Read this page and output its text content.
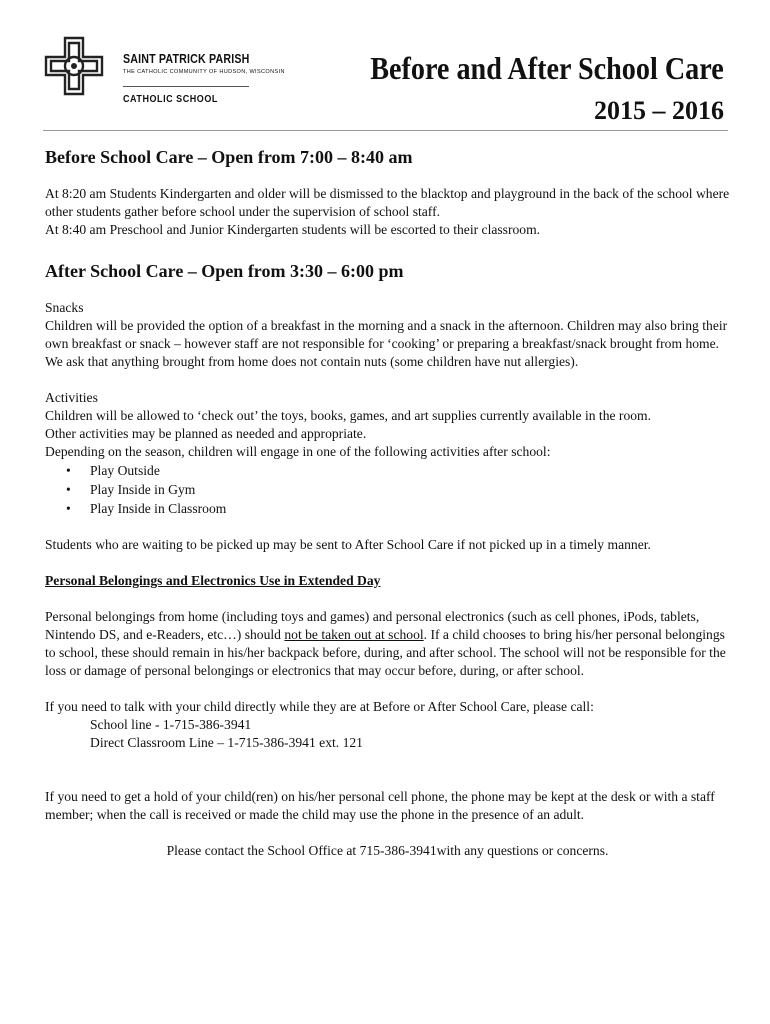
SAINT PATRICK PARISH
THE CATHOLIC COMMUNITY OF HUDSON, WISCONSIN
CATHOLIC SCHOOL
Before and After School Care
2015 – 2016
Before School Care – Open from 7:00 – 8:40 am

At 8:20 am Students Kindergarten and older will be dismissed to the blacktop and playground in the back of the school where other students gather before school under the supervision of school staff.

At 8:40 am Preschool and Junior Kindergarten students will be escorted to their classroom.

After School Care – Open from 3:30 – 6:00 pm

Snacks

Children will be provided the option of a breakfast in the morning and a snack in the afternoon. Children may also bring their own breakfast or snack – however staff are not responsible for ‘cooking’ or preparing a breakfast/snack brought from home. We ask that anything brought from home does not contain nuts (some children have nut allergies).

Activities

Children will be allowed to ‘check out’ the toys, books, games, and art supplies currently available in the room.

Other activities may be planned as needed and appropriate.

Depending on the season, children will engage in one of the following activities after school:

• Play Outside
• Play Inside in Gym
• Play Inside in Classroom

Students who are waiting to be picked up may be sent to After School Care if not picked up in a timely manner.

Personal Belongings and Electronics Use in Extended Day

Personal belongings from home (including toys and games) and personal electronics (such as cell phones, iPods, tablets, Nintendo DS, and e-Readers, etc…) should not be taken out at school. If a child chooses to bring his/her personal belongings to school, these should remain in his/her backpack before, during, and after school. The school will not be responsible for the loss or damage of personal belongings or electronics that may occur before, during, or after school.

If you need to talk with your child directly while they are at Before or After School Care, please call:

School line - 1-715-386-3941

Direct Classroom Line – 1-715-386-3941 ext. 121

If you need to get a hold of your child(ren) on his/her personal cell phone, the phone may be kept at the desk or with a staff member; when the call is received or made the child may use the phone in the presence of an adult.

Please contact the School Office at 715-386-3941with any questions or concerns.
